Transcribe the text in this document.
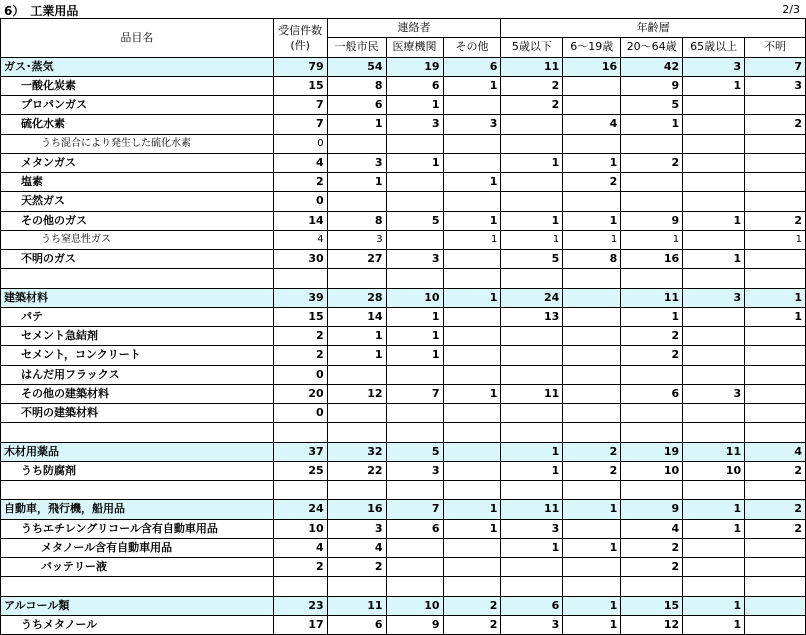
6）　工業用品	2/3
品目名	受信件数
(件)	連絡者			年齢層				
		一般市民	医療機関	その他	5歳以下	6～19歳	20～64歳	65歳以上	不明
ガス･蒸気	79	54	19	6	11	16	42	3	7
一酸化炭素	15	8	6	1	2		9	1	3
プロパンガス	7	6	1		2		5		
硫化水素	7	1	3	3		4	1		2
うち混合により発生した硫化水素	0								
メタンガス	4	3	1		1	1	2		
塩素	2	1		1		2			
天然ガス	0								
その他のガス	14	8	5	1	1	1	9	1	2
うち窒息性ガス	4	3		1	1	1	1		1
不明のガス	30	27	3		5	8	16	1	

建築材料	39	28	10	1	24		11	3	1
パテ	15	14	1		13		1		1
セメント急結剤	2	1	1				2		
セメント，コンクリート	2	1	1				2		
はんだ用フラックス	0								
その他の建築材料	20	12	7	1	11		6	3	
不明の建築材料	0								

木材用薬品	37	32	5		1	2	19	11	4
うち防腐剤	25	22	3		1	2	10	10	2

自動車，飛行機，船用品	24	16	7	1	11	1	9	1	2
うちエチレングリコール含有自動車用品	10	3	6	1	3		4	1	2
メタノール含有自動車用品	4	4			1	1	2		
バッテリー液	2	2					2		

アルコール類	23	11	10	2	6	1	15	1	
うちメタノール	17	6	9	2	3	1	12	1	
